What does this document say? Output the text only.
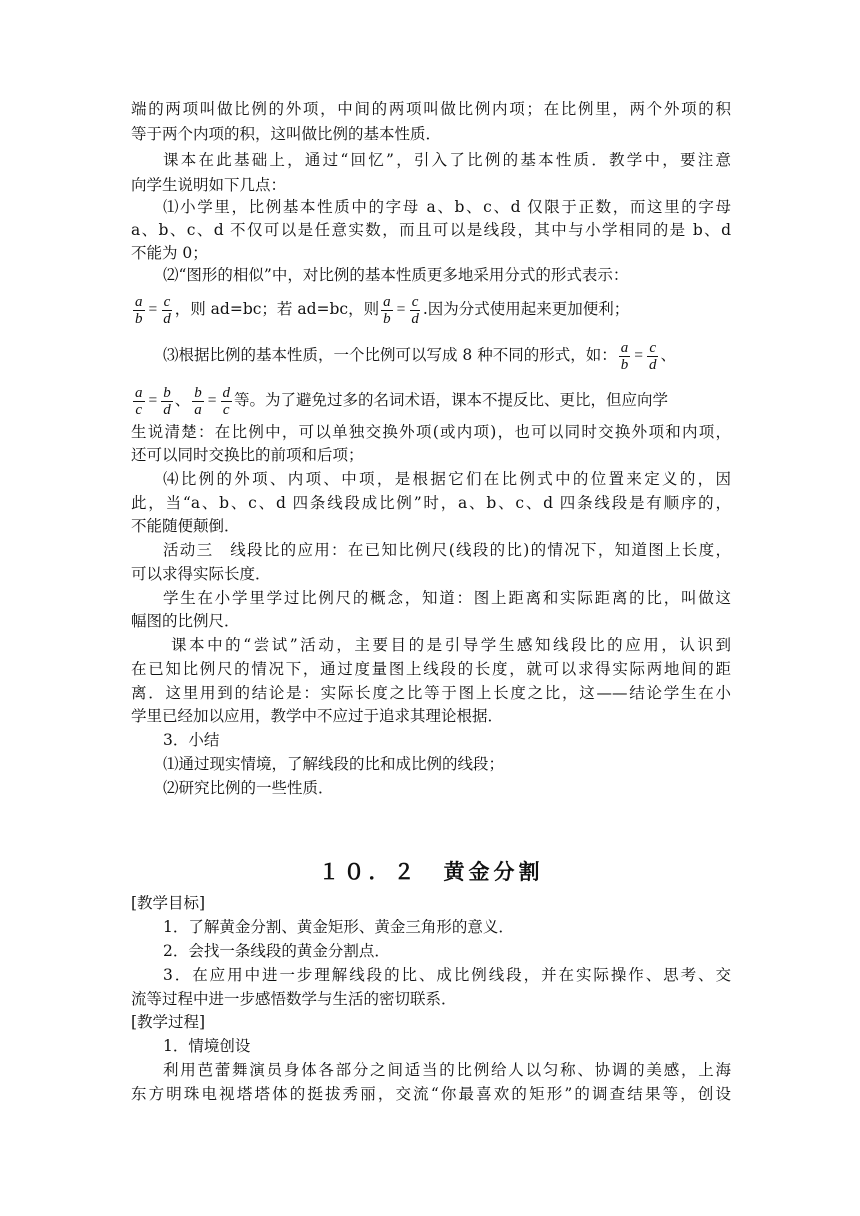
端的两项叫做比例的外项，中间的两项叫做比例内项；在比例里，两个外项的积
等于两个内项的积，这叫做比例的基本性质．
课本在此基础上，通过“回忆”，引入了比例的基本性质．教学中，要注意
向学生说明如下几点：
⑴小学里，比例基本性质中的字母 a、b、c、d 仅限于正数，而这里的字母
a、b、c、d 不仅可以是任意实数，而且可以是线段，其中与小学相同的是 b、d
不能为 0；
⑵“图形的相似”中，对比例的基本性质更多地采用分式的形式表示：
$\frac{a}{b} = \frac{c}{d}$ ，则 ad=bc；若 ad=bc，则 $\frac{a}{b} = \frac{c}{d}$ .因为分式使用起来更加便利；
⑶根据比例的基本性质，一个比例可以写成 8 种不同的形式，如： $\frac{a}{b} = \frac{c}{d}$ 、
$\frac{a}{c} = \frac{b}{d}$ 、 $\frac{b}{a} = \frac{d}{c}$ 等。为了避免过多的名词术语，课本不提反比、更比，但应向学
生说清楚：在比例中，可以单独交换外项(或内项)，也可以同时交换外项和内项，
还可以同时交换比的前项和后项；
⑷比例的外项、内项、中项，是根据它们在比例式中的位置来定义的，因
此，当“a、b、c、d 四条线段成比例”时，a、b、c、d 四条线段是有顺序的，
不能随便颠倒．
活动三　线段比的应用：在已知比例尺(线段的比)的情况下，知道图上长度，
可以求得实际长度．
学生在小学里学过比例尺的概念，知道：图上距离和实际距离的比，叫做这
幅图的比例尺．
课本中的“尝试”活动，主要目的是引导学生感知线段比的应用，认识到
在已知比例尺的情况下，通过度量图上线段的长度，就可以求得实际两地间的距
离．这里用到的结论是：实际长度之比等于图上长度之比，这——结论学生在小
学里已经加以应用，教学中不应过于追求其理论根据．
3．小结
⑴通过现实情境，了解线段的比和成比例的线段；
⑵研究比例的一些性质．
１０．２　黄金分割
[教学目标]
1．了解黄金分割、黄金矩形、黄金三角形的意义．
2．会找一条线段的黄金分割点．
3．在应用中进一步理解线段的比、成比例线段，并在实际操作、思考、交
流等过程中进一步感悟数学与生活的密切联系．
[教学过程]
1．情境创设
利用芭蕾舞演员身体各部分之间适当的比例给人以匀称、协调的美感，上海
东方明珠电视塔塔体的挺拔秀丽，交流“你最喜欢的矩形”的调查结果等，创设
